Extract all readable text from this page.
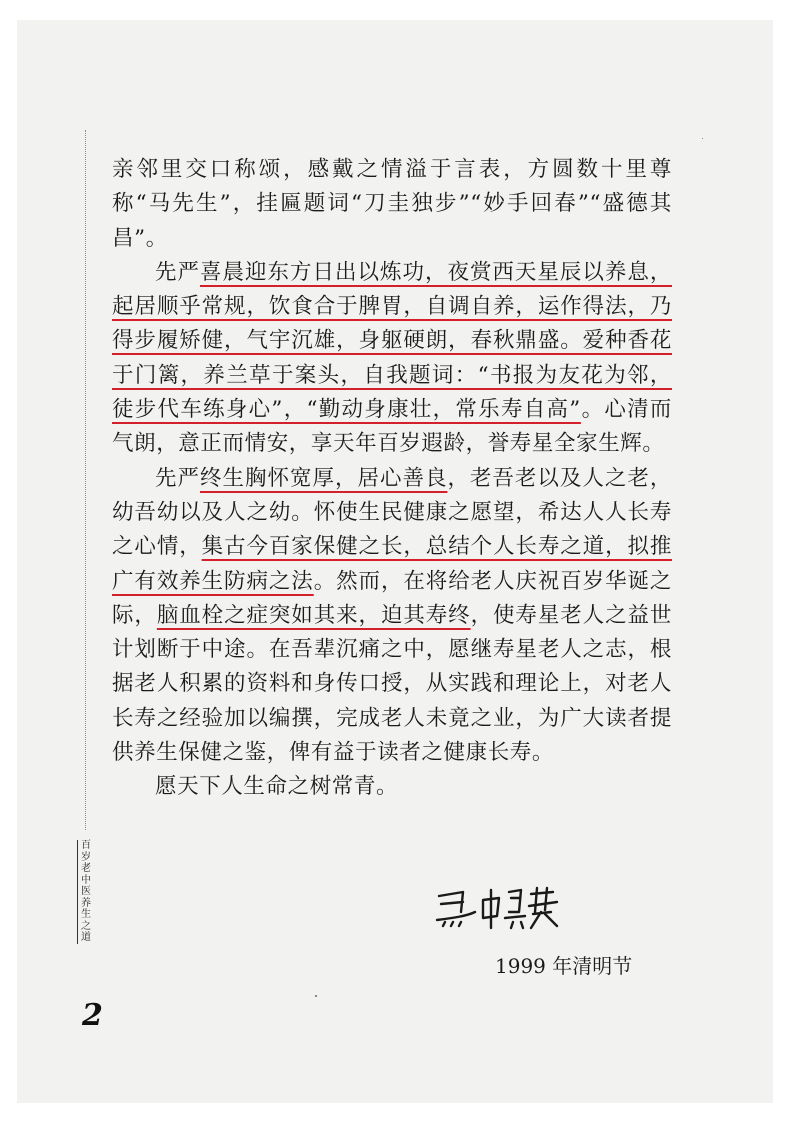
百岁老中医养生之道

亲邻里交口称颂，感戴之情溢于言表，方圆数十里尊称“马先生”，挂匾题词“刀圭独步”“妙手回春”“盛德其昌”。

先严喜晨迎东方日出以炼功，夜赏西天星辰以养息，起居顺乎常规，饮食合于脾胃，自调自养，运作得法，乃得步履矫健，气宇沉雄，身躯硬朗，春秋鼎盛。爱种香花于门篱，养兰草于案头，自我题词：“书报为友花为邻，徒步代车练身心”，“勤动身康壮，常乐寿自高”。心清而气朗，意正而情安，享天年百岁遐龄，誉寿星全家生辉。

先严终生胸怀宽厚，居心善良，老吾老以及人之老，幼吾幼以及人之幼。怀使生民健康之愿望，希达人人长寿之心情，集古今百家保健之长，总结个人长寿之道，拟推广有效养生防病之法。然而，在将给老人庆祝百岁华诞之际，脑血栓之症突如其来，迫其寿终，使寿星老人之益世计划断于中途。在吾辈沉痛之中，愿继寿星老人之志，根据老人积累的资料和身传口授，从实践和理论上，对老人长寿之经验加以编撰，完成老人未竟之业，为广大读者提供养生保健之鉴，俾有益于读者之健康长寿。

愿天下人生命之树常青。

1999 年清明节
2
